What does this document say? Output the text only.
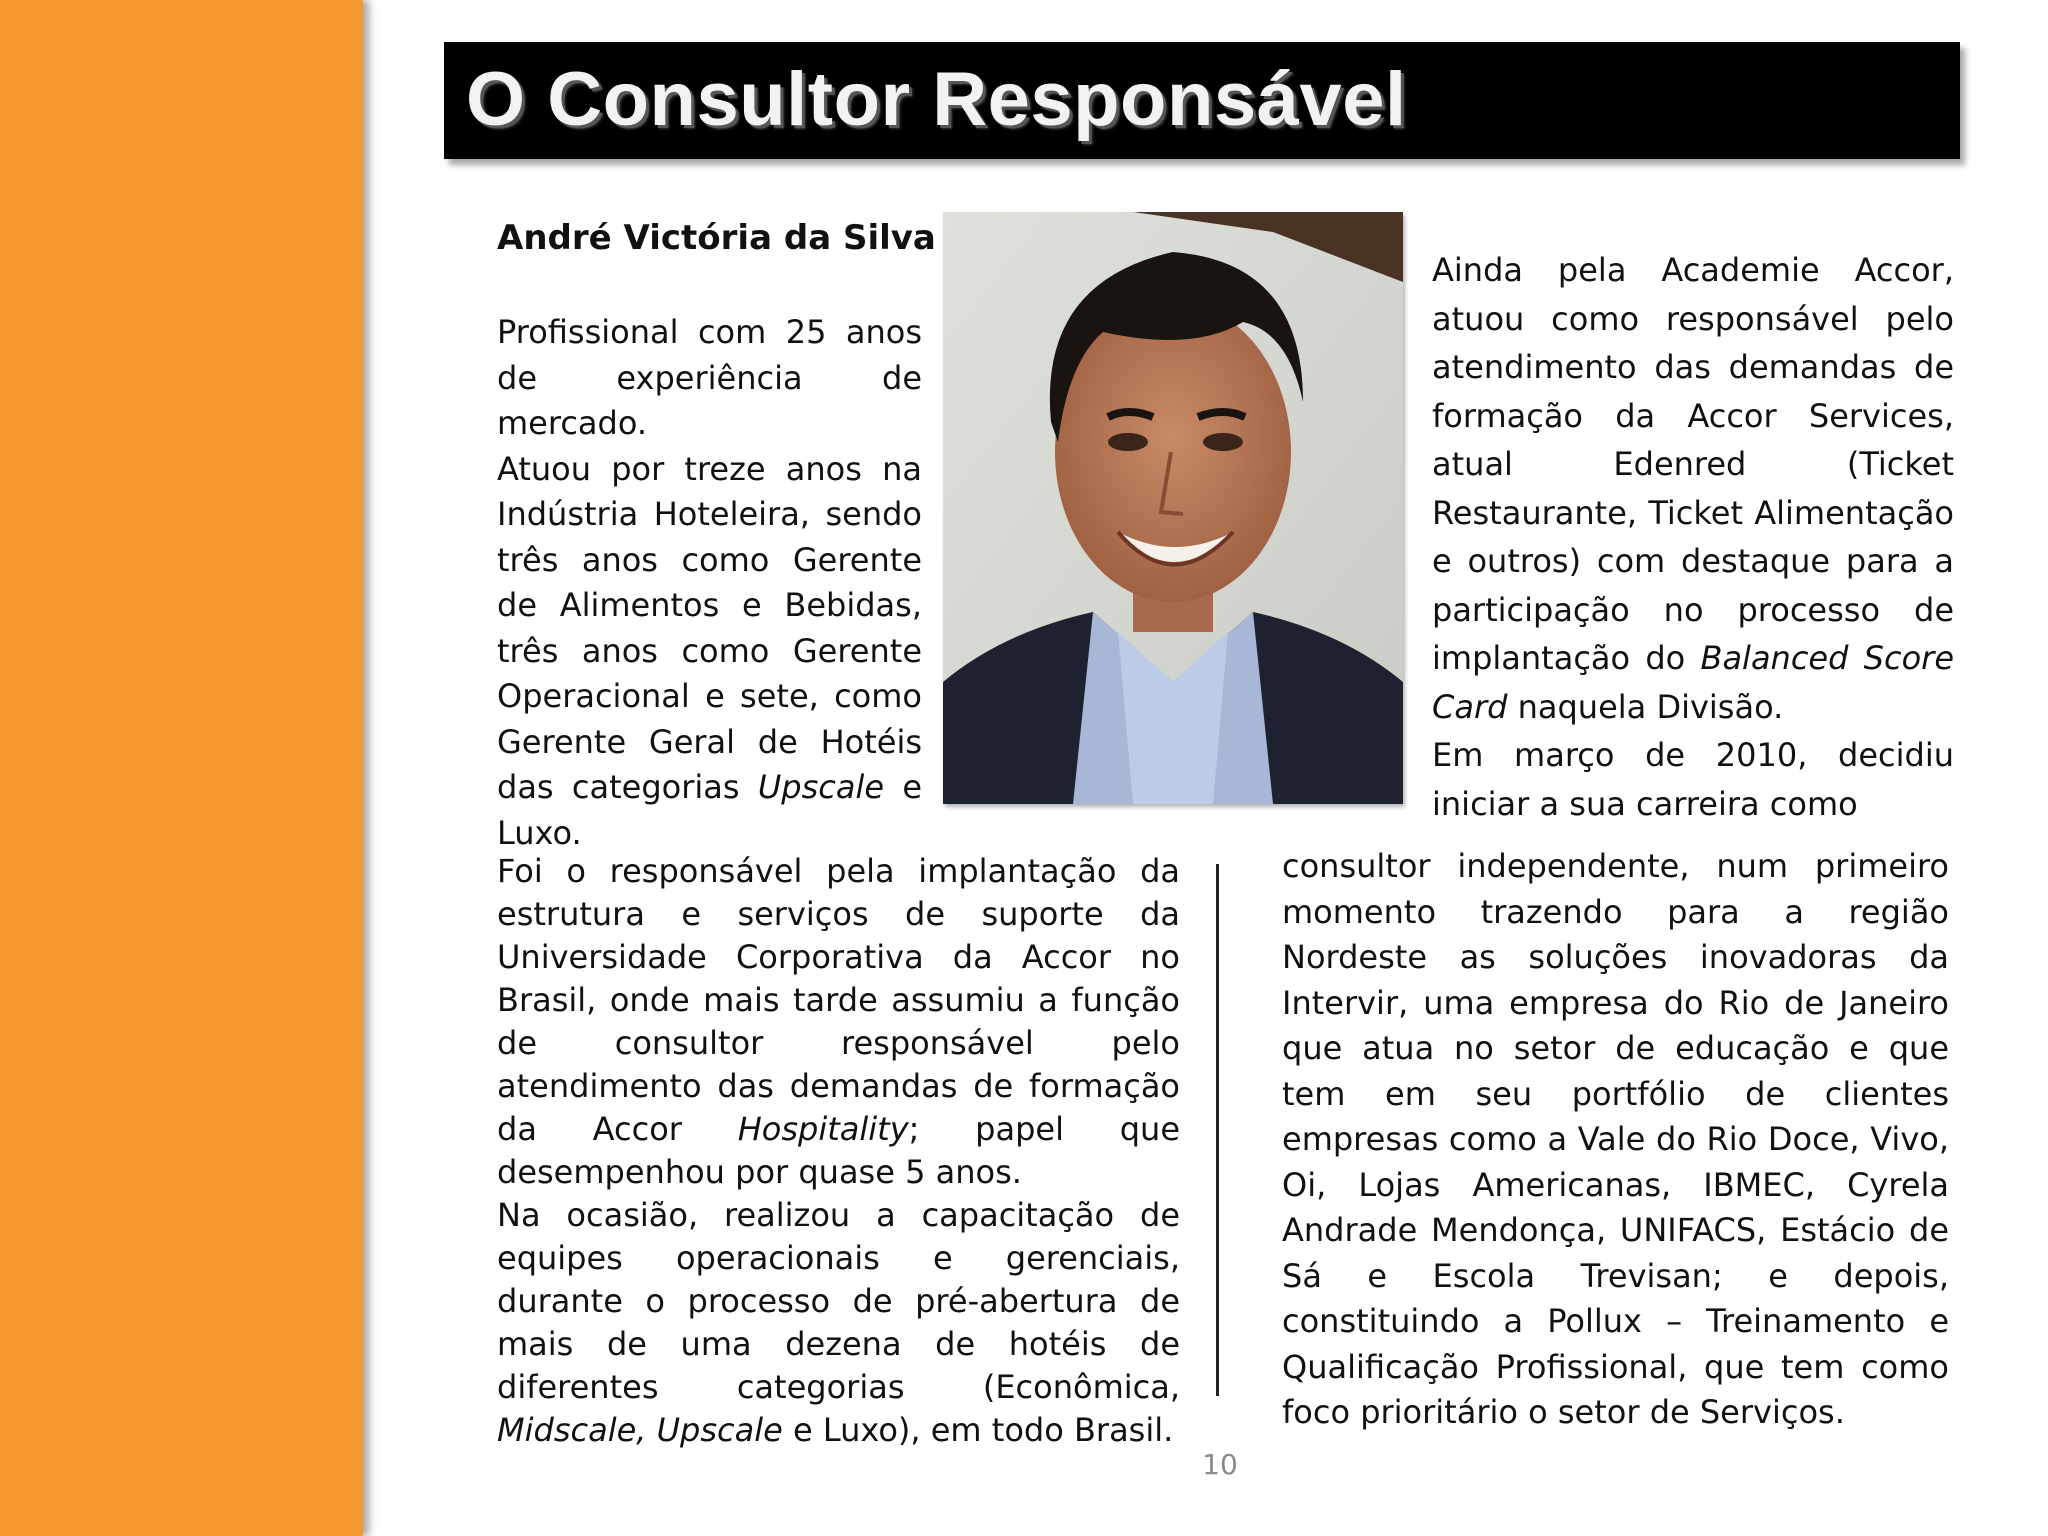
O Consultor Responsável
André Victória da Silva

Profissional com 25 anos de experiência de mercado.

Atuou por treze anos na Indústria Hoteleira, sendo três anos como Gerente de Alimentos e Bebidas, três anos como Gerente Operacional e sete, como Gerente Geral de Hotéis das categorias Upscale e Luxo.

Ainda pela Academie Accor, atuou como responsável pelo atendimento das demandas de formação da Accor Services, atual Edenred (Ticket Restaurante, Ticket Alimentação e outros) com destaque para a participação no processo de implantação do Balanced Score Card naquela Divisão.

Em março de 2010, decidiu iniciar a sua carreira como

Foi o responsável pela implantação da estrutura e serviços de suporte da Universidade Corporativa da Accor no Brasil, onde mais tarde assumiu a função de consultor responsável pelo atendimento das demandas de formação da Accor Hospitality; papel que desempenhou por quase 5 anos.

Na ocasião, realizou a capacitação de equipes operacionais e gerenciais, durante o processo de pré-abertura de mais de uma dezena de hotéis de diferentes categorias (Econômica, Midscale, Upscale e Luxo), em todo Brasil.

consultor independente, num primeiro momento trazendo para a região Nordeste as soluções inovadoras da Intervir, uma empresa do Rio de Janeiro que atua no setor de educação e que tem em seu portfólio de clientes empresas como a Vale do Rio Doce, Vivo, Oi, Lojas Americanas, IBMEC, Cyrela Andrade Mendonça, UNIFACS, Estácio de Sá e Escola Trevisan; e depois, constituindo a Pollux – Treinamento e Qualificação Profissional, que tem como foco prioritário o setor de Serviços.

10
